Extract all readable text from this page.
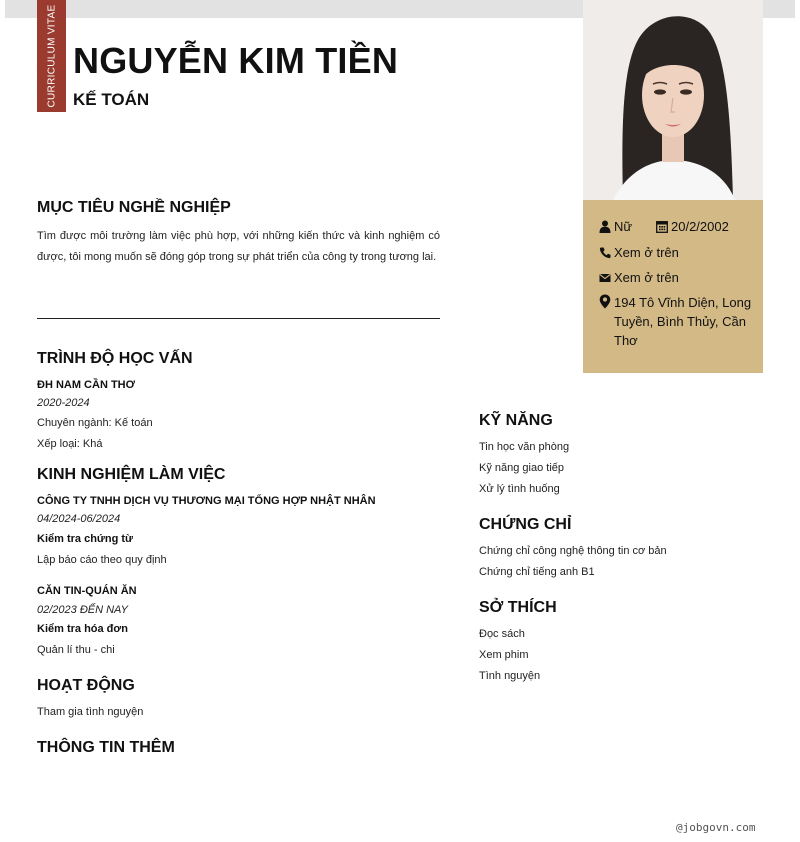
CURRICULUM VITAE NGUYỄN KIM TIỀN
KẾ TOÁN
Nữ	20/2/2002
Xem ở trên
Xem ở trên
194 Tô Vĩnh Diện, Long Tuyền, Bình Thủy, Cần Thơ
MỤC TIÊU NGHỀ NGHIỆP
Tìm được môi trường làm việc phù hợp, với những kiến thức và kinh nghiệm có được, tôi mong muốn sẽ đóng góp trong sự phát triển của công ty trong tương lai.
TRÌNH ĐỘ HỌC VẤN
ĐH NAM CẦN THƠ
2020-2024
Chuyên ngành: Kế toán
Xếp loại: Khá
KINH NGHIỆM LÀM VIỆC
CÔNG TY TNHH DỊCH VỤ THƯƠNG MẠI TỔNG HỢP NHẬT NHÂN
04/2024-06/2024
Kiểm tra chứng từ
Lập báo cáo theo quy định
CĂN TIN-QUÁN ĂN
02/2023 ĐẾN NAY
Kiểm tra hóa đơn
Quản lí thu - chi
HOẠT ĐỘNG
Tham gia tình nguyện
THÔNG TIN THÊM
KỸ NĂNG
Tin học văn phòng
Kỹ năng giao tiếp
Xử lý tình huống
CHỨNG CHỈ
Chứng chỉ công nghệ thông tin cơ bản
Chứng chỉ tiếng anh B1
SỞ THÍCH
Đọc sách
Xem phim
Tình nguyện
@jobgovn.com
